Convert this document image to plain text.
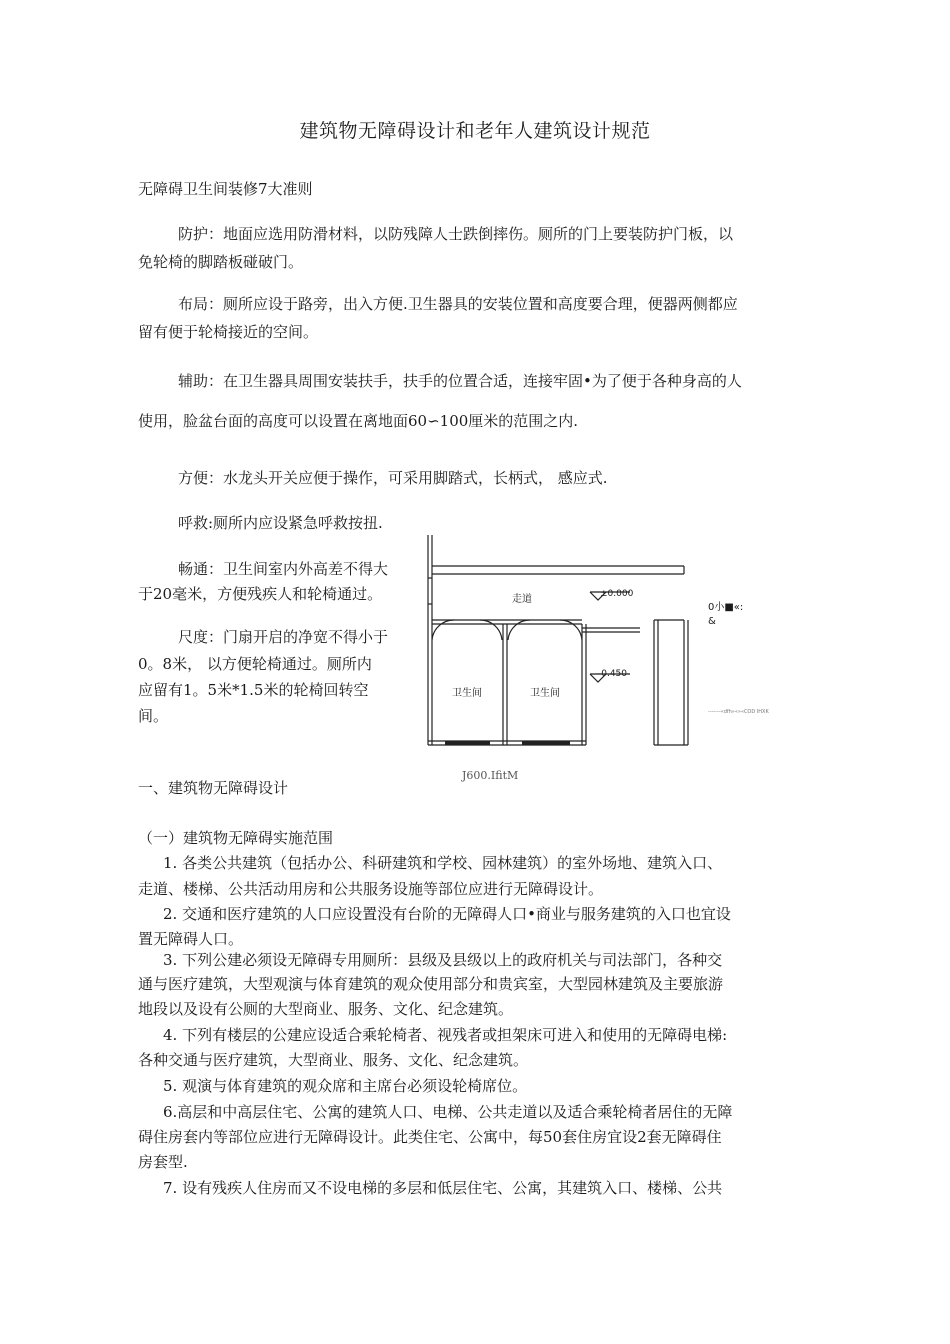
建筑物无障碍设计和老年人建筑设计规范
无障碍卫生间装修7大准则
防护：地面应选用防滑材料，以防残障人士跌倒摔伤。厕所的门上要装防护门板，以
免轮椅的脚踏板碰破门。
布局：厕所应设于路旁，出入方便.卫生器具的安装位置和高度要合理，便器两侧都应
留有便于轮椅接近的空间。
辅助：在卫生器具周围安装扶手，扶手的位置合适，连接牢固•为了便于各种身高的人
使用，脸盆台面的高度可以设置在离地面60∽100厘米的范围之内.
方便：水龙头开关应便于操作，可采用脚踏式，长柄式， 感应式.
呼救:厕所内应设紧急呼救按扭.
畅通：卫生间室内外高差不得大
于20毫米，方便残疾人和轮椅通过。
尺度：门扇开启的净宽不得小于
0。8米， 以方便轮椅通过。厕所内
应留有1。5米*1.5米的轮椅回转空
间。
走道	±0.000
-0.450
卫生间	卫生间
J600.IfitM
0小■«:
&
-------«dfh»«»«COD IHXK
一、建筑物无障碍设计
（一）建筑物无障碍实施范围
1. 各类公共建筑（包括办公、科研建筑和学校、园林建筑）的室外场地、建筑入口、
走道、楼梯、公共活动用房和公共服务设施等部位应进行无障碍设计。
2. 交通和医疗建筑的人口应设置没有台阶的无障碍人口•商业与服务建筑的入口也宜设
置无障碍人口。
3. 下列公建必须设无障碍专用厕所：县级及县级以上的政府机关与司法部门，各种交
通与医疗建筑，大型观演与体育建筑的观众使用部分和贵宾室，大型园林建筑及主要旅游
地段以及设有公厕的大型商业、服务、文化、纪念建筑。
4. 下列有楼层的公建应设适合乘轮椅者、视残者或担架床可进入和使用的无障碍电梯:
各种交通与医疗建筑，大型商业、服务、文化、纪念建筑。
5. 观演与体育建筑的观众席和主席台必须设轮椅席位。
6.高层和中高层住宅、公寓的建筑人口、电梯、公共走道以及适合乘轮椅者居住的无障
碍住房套内等部位应进行无障碍设计。此类住宅、公寓中，每50套住房宜设2套无障碍住
房套型.
7. 设有残疾人住房而又不设电梯的多层和低层住宅、公寓，其建筑入口、楼梯、公共
